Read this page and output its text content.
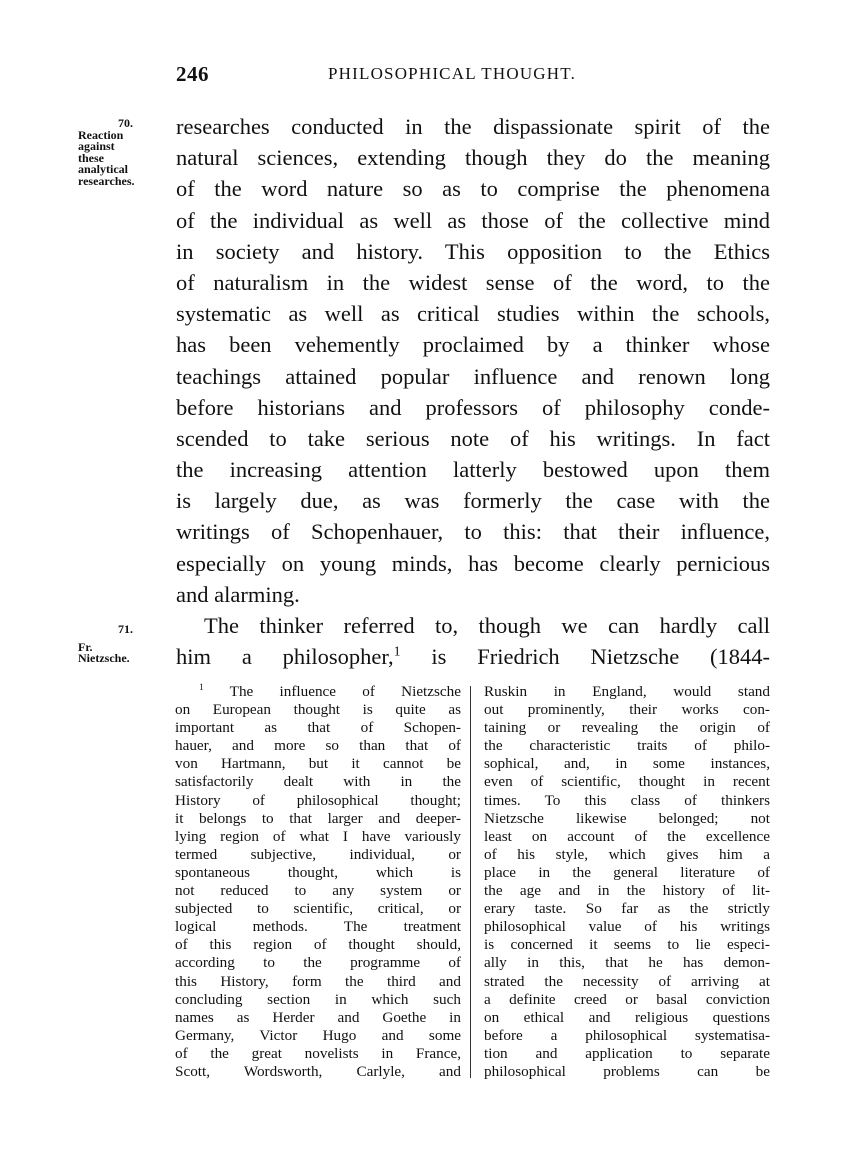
246	PHILOSOPHICAL THOUGHT.
70.
Reaction
against
these
analytical
researches.
71.
Fr.
Nietzsche.
researches conducted in the dispassionate spirit of the
natural sciences, extending though they do the meaning
of the word nature so as to comprise the phenomena
of the individual as well as those of the collective mind
in society and history. This opposition to the Ethics
of naturalism in the widest sense of the word, to the
systematic as well as critical studies within the schools,
has been vehemently proclaimed by a thinker whose
teachings attained popular influence and renown long
before historians and professors of philosophy conde-
scended to take serious note of his writings. In fact
the increasing attention latterly bestowed upon them
is largely due, as was formerly the case with the
writings of Schopenhauer, to this: that their influence,
especially on young minds, has become clearly pernicious
and alarming.
The thinker referred to, though we can hardly call
him a philosopher,$^1$ is Friedrich Nietzsche (1844-
$^1$ The influence of Nietzsche
on European thought is quite as
important as that of Schopen-
hauer, and more so than that of
von Hartmann, but it cannot be
satisfactorily dealt with in the
History of philosophical thought;
it belongs to that larger and deeper-
lying region of what I have variously
termed subjective, individual, or
spontaneous thought, which is
not reduced to any system or
subjected to scientific, critical, or
logical methods. The treatment
of this region of thought should,
according to the programme of
this History, form the third and
concluding section in which such
names as Herder and Goethe in
Germany, Victor Hugo and some
of the great novelists in France,
Scott, Wordsworth, Carlyle, and
Ruskin in England, would stand
out prominently, their works con-
taining or revealing the origin of
the characteristic traits of philo-
sophical, and, in some instances,
even of scientific, thought in recent
times. To this class of thinkers
Nietzsche likewise belonged; not
least on account of the excellence
of his style, which gives him a
place in the general literature of
the age and in the history of lit-
erary taste. So far as the strictly
philosophical value of his writings
is concerned it seems to lie especi-
ally in this, that he has demon-
strated the necessity of arriving at
a definite creed or basal conviction
on ethical and religious questions
before a philosophical systematisa-
tion and application to separate
philosophical problems can be
